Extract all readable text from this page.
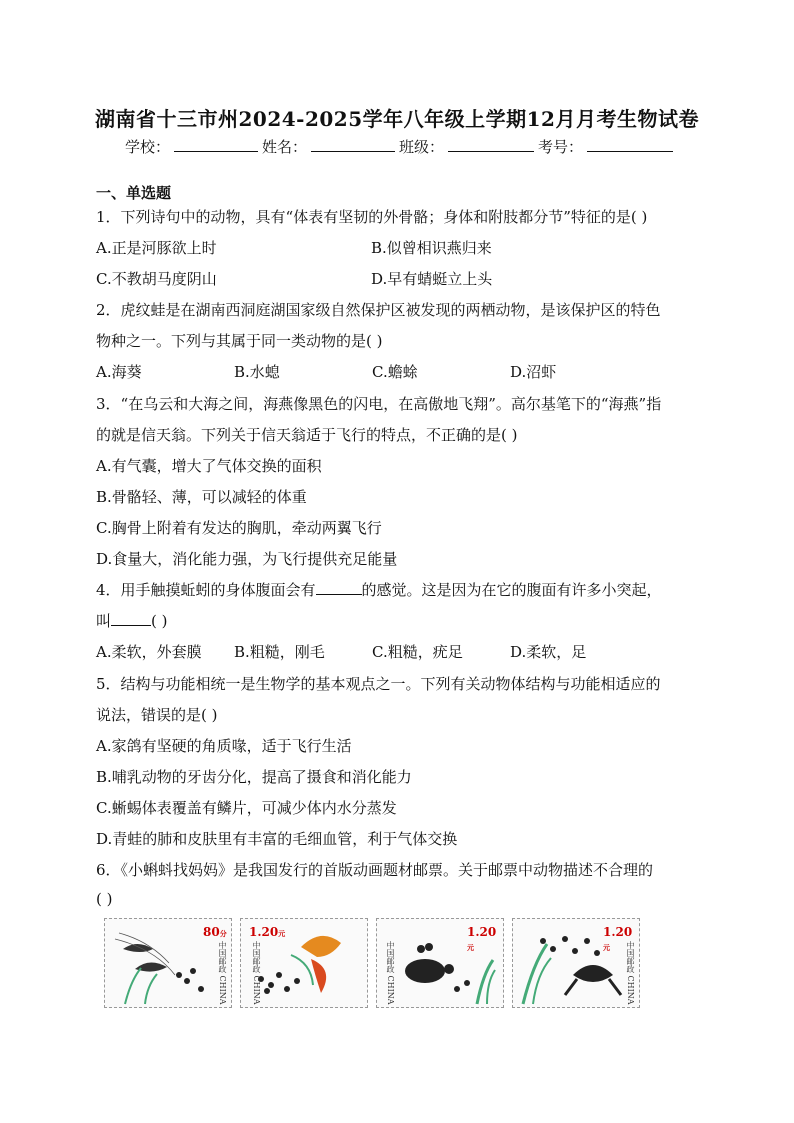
湖南省十三市州2024-2025学年八年级上学期12月月考生物试卷
学校：	姓名：	班级：	考号：
一、单选题
1．下列诗句中的动物，具有“体表有坚韧的外骨骼；身体和附肢都分节”特征的是( )
A.正是河豚欲上时	B.似曾相识燕归来
C.不教胡马度阴山	D.早有蜻蜓立上头
2．虎纹蛙是在湖南西洞庭湖国家级自然保护区被发现的两栖动物，是该保护区的特色
物种之一。下列与其属于同一类动物的是( )
A.海葵	B.水螅	C.蟾蜍	D.沼虾
3．“在乌云和大海之间，海燕像黑色的闪电，在高傲地飞翔”。高尔基笔下的“海燕”指
的就是信天翁。下列关于信天翁适于飞行的特点，不正确的是( )
A.有气囊，增大了气体交换的面积
B.骨骼轻、薄，可以减轻的体重
C.胸骨上附着有发达的胸肌，牵动两翼飞行
D.食量大，消化能力强，为飞行提供充足能量
4．用手触摸蚯蚓的身体腹面会有	的感觉。这是因为在它的腹面有许多小突起，
叫	( )
A.柔软，外套膜 B.粗糙，刚毛	C.粗糙，疣足	D.柔软，足
5．结构与功能相统一是生物学的基本观点之一。下列有关动物体结构与功能相适应的
说法，错误的是( )
A.家鸽有坚硬的角质喙，适于飞行生活
B.哺乳动物的牙齿分化，提高了摄食和消化能力
C.蜥蜴体表覆盖有鳞片，可减少体内水分蒸发
D.青蛙的肺和皮肤里有丰富的毛细血管，利于气体交换
6．《小蝌蚪找妈妈》是我国发行的首版动画题材邮票。关于邮票中动物描述不合理的
( )
80分
中国邮政 CHINA
1.20元
中国邮政 CHINA	中国邮政 CHINA
1.20元
1.20元	中国邮政 CHINA
